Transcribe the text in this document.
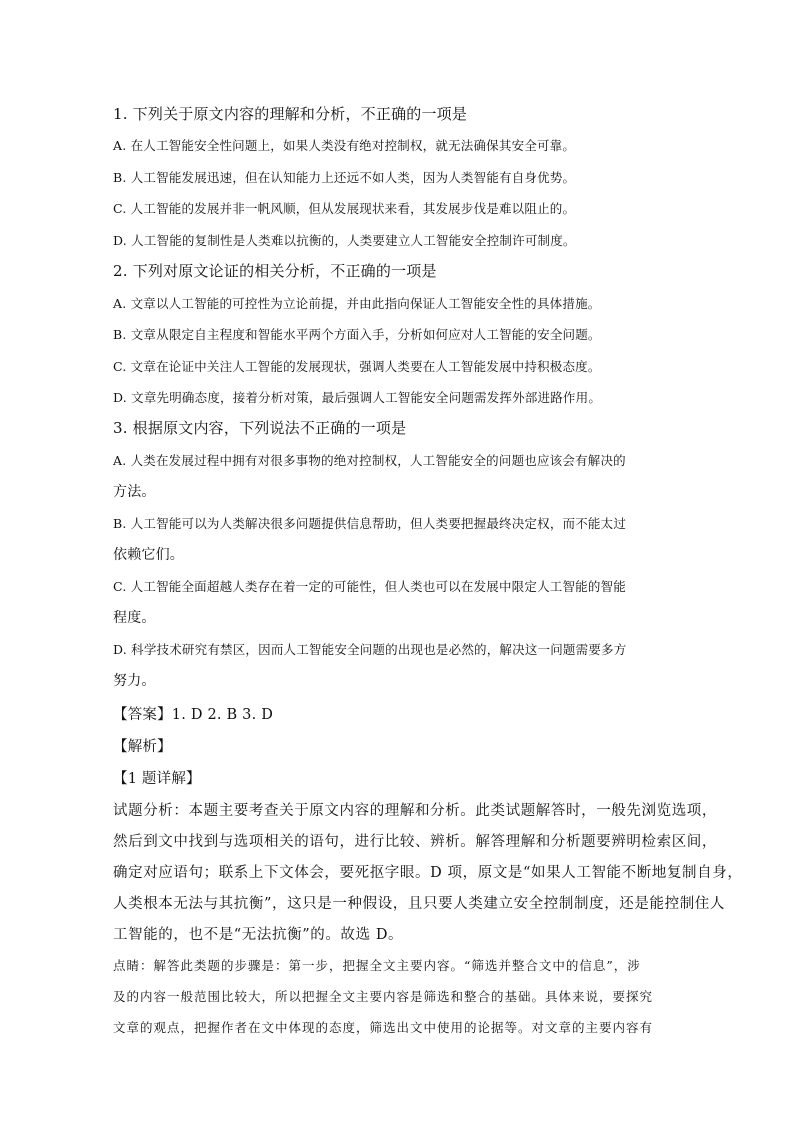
1. 下列关于原文内容的理解和分析，不正确的一项是
A. 在人工智能安全性问题上，如果人类没有绝对控制权，就无法确保其安全可靠。
B. 人工智能发展迅速，但在认知能力上还远不如人类，因为人类智能有自身优势。
C. 人工智能的发展并非一帆风顺，但从发展现状来看，其发展步伐是难以阻止的。
D. 人工智能的复制性是人类难以抗衡的，人类要建立人工智能安全控制许可制度。
2. 下列对原文论证的相关分析，不正确的一项是
A. 文章以人工智能的可控性为立论前提，并由此指向保证人工智能安全性的具体措施。
B. 文章从限定自主程度和智能水平两个方面入手，分析如何应对人工智能的安全问题。
C. 文章在论证中关注人工智能的发展现状，强调人类要在人工智能发展中持积极态度。
D. 文章先明确态度，接着分析对策，最后强调人工智能安全问题需发挥外部进路作用。
3. 根据原文内容，下列说法不正确的一项是
A. 人类在发展过程中拥有对很多事物的绝对控制权，人工智能安全的问题也应该会有解决的
方法。
B. 人工智能可以为人类解决很多问题提供信息帮助，但人类要把握最终决定权，而不能太过
依赖它们。
C. 人工智能全面超越人类存在着一定的可能性，但人类也可以在发展中限定人工智能的智能
程度。
D. 科学技术研究有禁区，因而人工智能安全问题的出现也是必然的，解决这一问题需要多方
努力。
【答案】1. D 2. B 3. D
【解析】
【1 题详解】
试题分析：本题主要考查关于原文内容的理解和分析。此类试题解答时，一般先浏览选项，
然后到文中找到与选项相关的语句，进行比较、辨析。解答理解和分析题要辨明检索区间，
确定对应语句；联系上下文体会，要死抠字眼。D 项，原文是“如果人工智能不断地复制自身，
人类根本无法与其抗衡”，这只是一种假设，且只要人类建立安全控制制度，还是能控制住人
工智能的，也不是“无法抗衡”的。故选 D。
点睛：解答此类题的步骤是：第一步，把握全文主要内容。“筛选并整合文中的信息”，涉
及的内容一般范围比较大，所以把握全文主要内容是筛选和整合的基础。具体来说，要探究
文章的观点，把握作者在文中体现的态度，筛选出文中使用的论据等。对文章的主要内容有
